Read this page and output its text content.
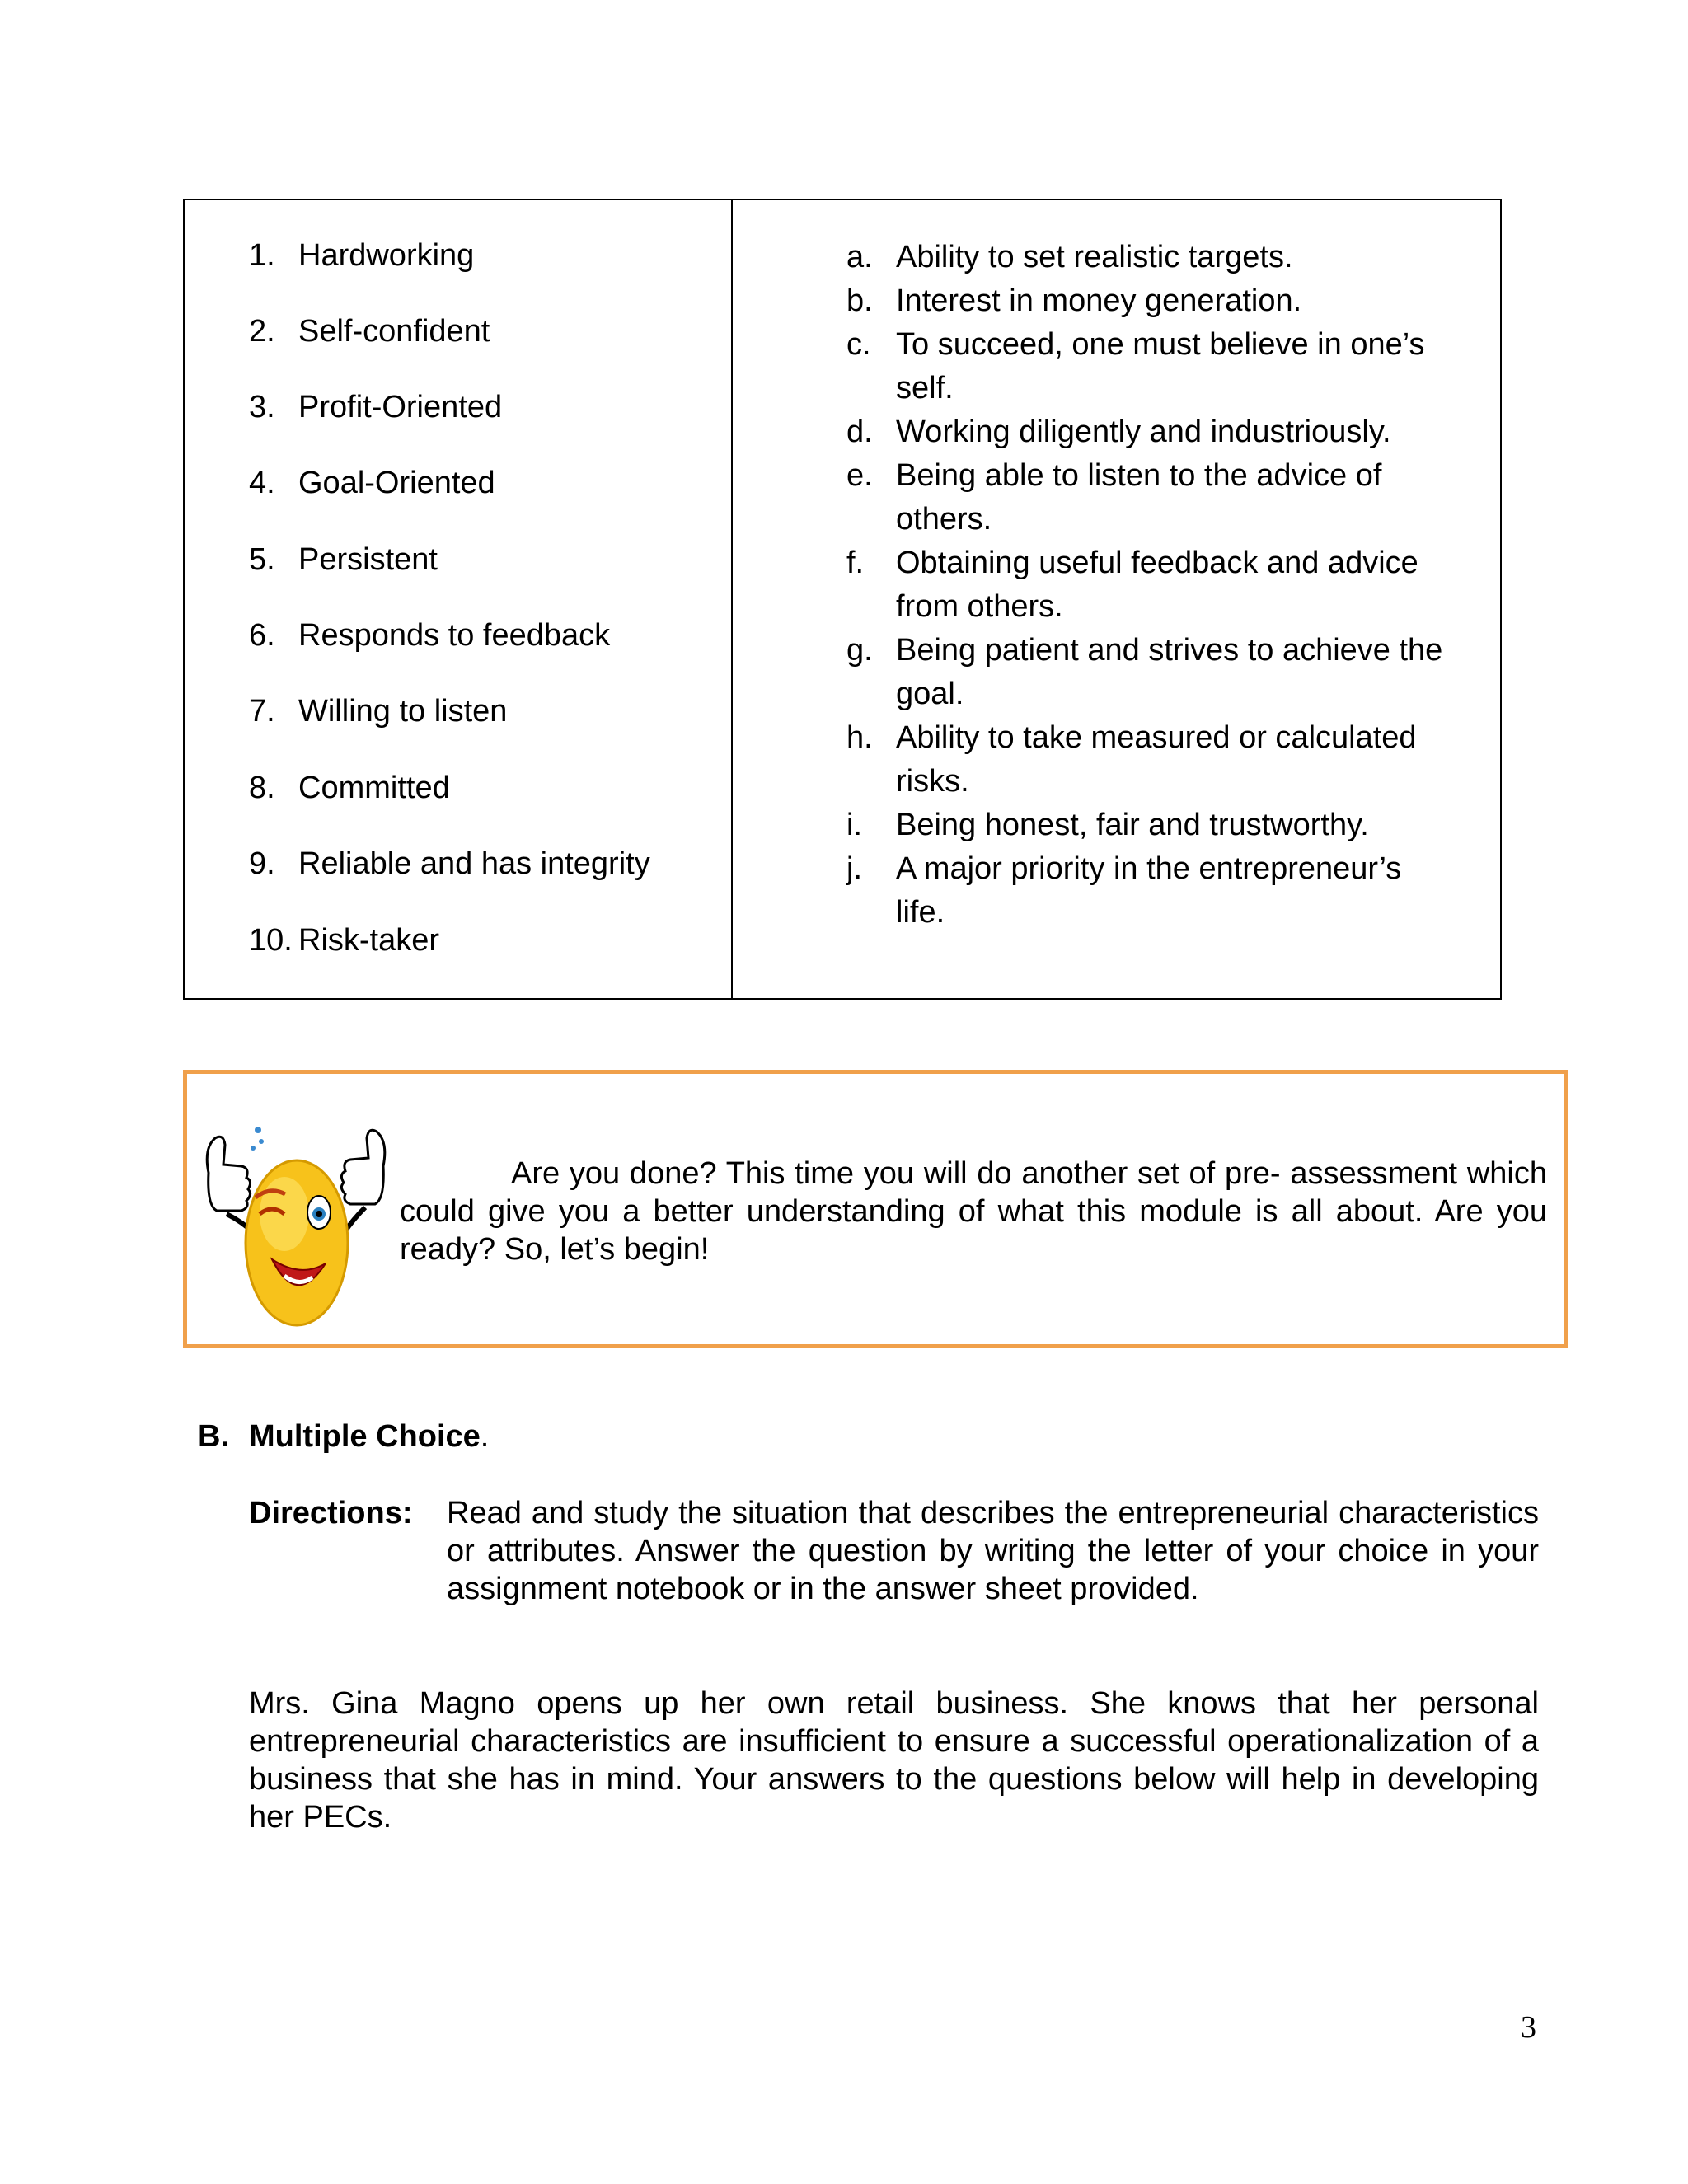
1. Hardworking
2. Self-confident
3. Profit-Oriented
4. Goal-Oriented
5. Persistent
6. Responds to feedback
7. Willing to listen
8. Committed
9. Reliable and has integrity
10. Risk-taker
a. Ability to set realistic targets.
b. Interest in money generation.
c. To succeed, one must believe in one’s self.
d. Working diligently and industriously.
e. Being able to listen to the advice of others.
f.	Obtaining useful feedback and advice from others.
g. Being patient and strives to achieve the goal.
h. Ability to take measured or calculated risks.
i.	Being honest, fair and trustworthy.
j.	A major priority in the entrepreneur’s life.
Are you done? This time you will do another set of pre- assessment which could give you a better understanding of what this module is all about. Are you ready? So, let’s begin!
B. Multiple Choice.
Directions: Read and study the situation that describes the entrepreneurial characteristics or attributes. Answer the question by writing the letter of your choice in your assignment notebook or in the answer sheet provided.
Mrs. Gina Magno opens up her own retail business. She knows that her personal entrepreneurial characteristics are insufficient to ensure a successful operationalization of a business that she has in mind. Your answers to the questions below will help in developing her PECs.
3
